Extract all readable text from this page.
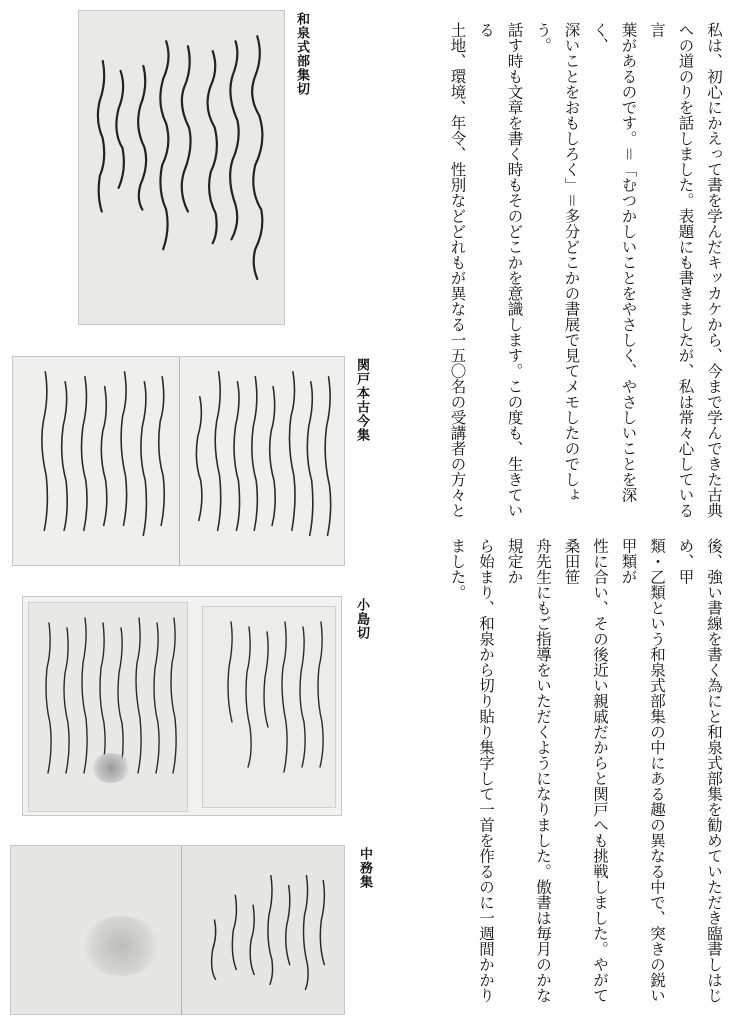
和泉式部集切
関戸本古今集
小島切
中務集
私は、初心にかえって書を学んだキッカケから、今まで学んできた古典
への道のりを話しました。表題にも書きましたが、私は常々心している言
葉があるのです。＝「むつかしいことをやさしく、やさしいことを深く、
深いことをおもしろく」＝多分どこかの書展で見てメモしたのでしょう。
話す時も文章を書く時もそのどこかを意識します。この度も、生きている
土地、環境、年令、性別などどれもが異なる一五〇名の受講者の方々と
後、強い書線を書く為にと和泉式部集を勧めていただき臨書しはじめ、甲
類・乙類という和泉式部集の中にある趣の異なる中で、突きの鋭い甲類が
性に合い、その後近い親戚だからと関戸へも挑戦しました。やがて桑田笹
舟先生にもご指導をいただくようになりました。傲書は毎月のかな規定か
ら始まり、和泉から切り貼り集字して一首を作るのに一週間かかりました。
